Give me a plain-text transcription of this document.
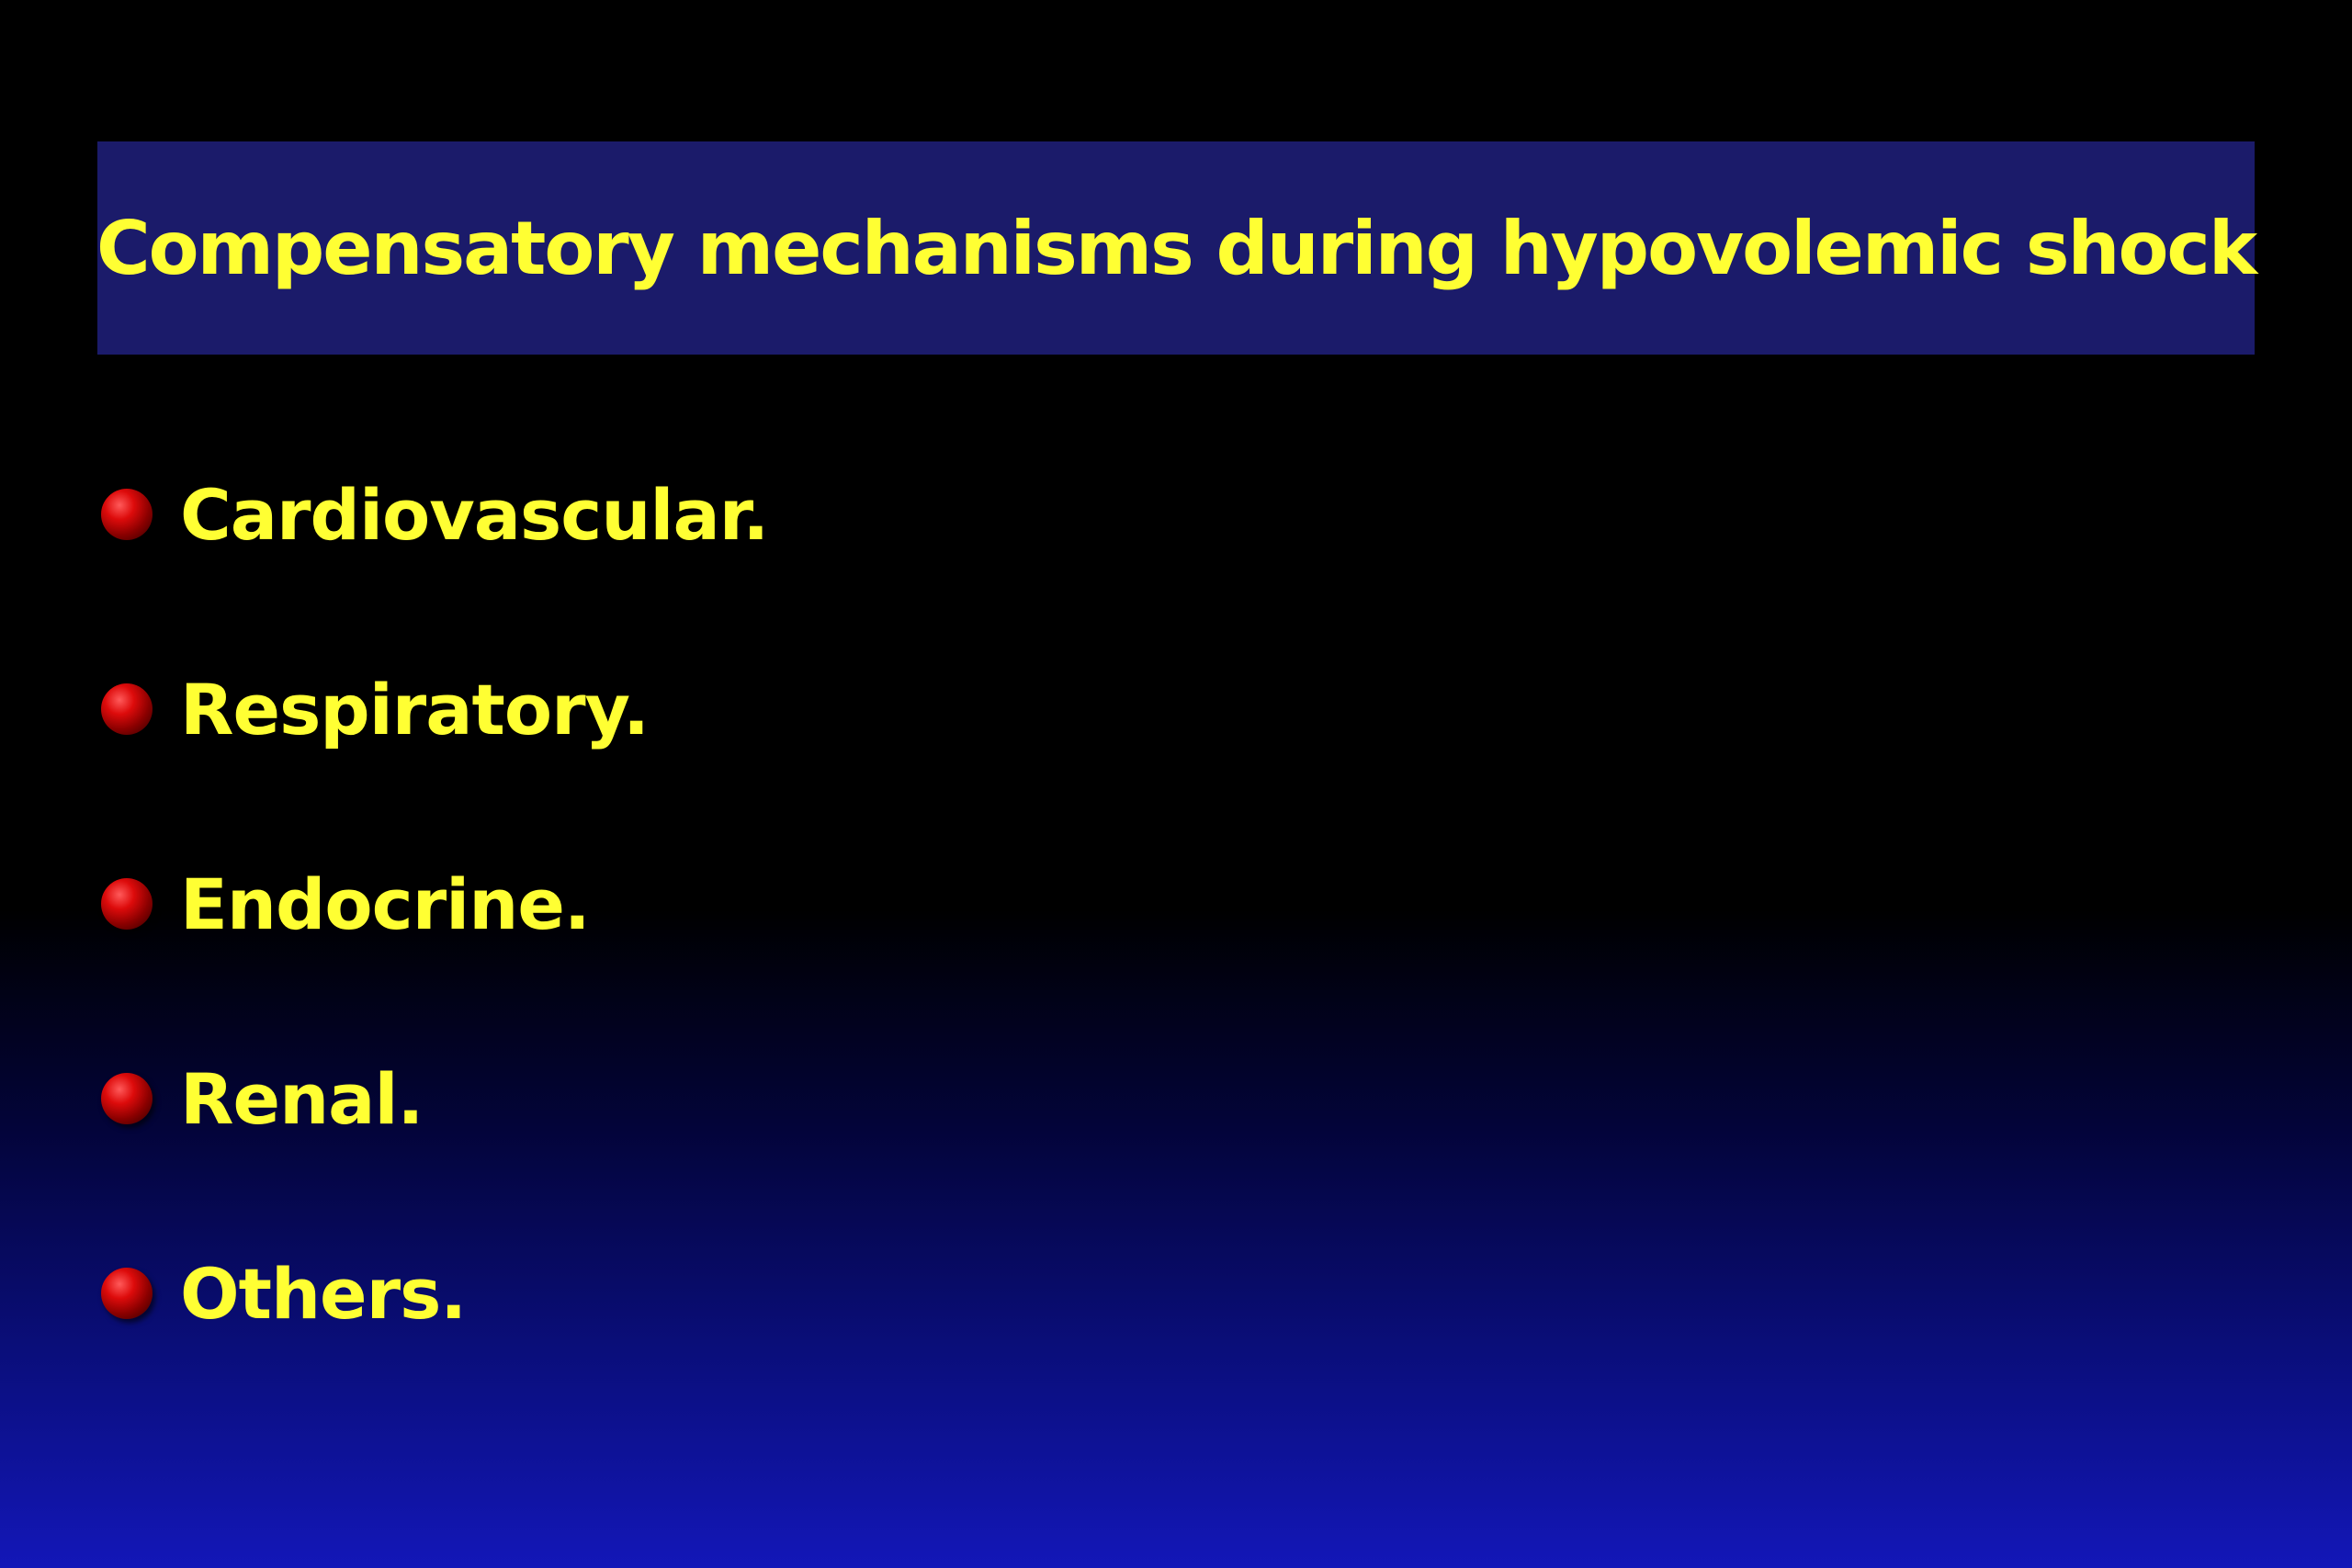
Compensatory mechanisms during hypovolemic shock
Cardiovascular.
Respiratory.
Endocrine.
Renal.
Others.
